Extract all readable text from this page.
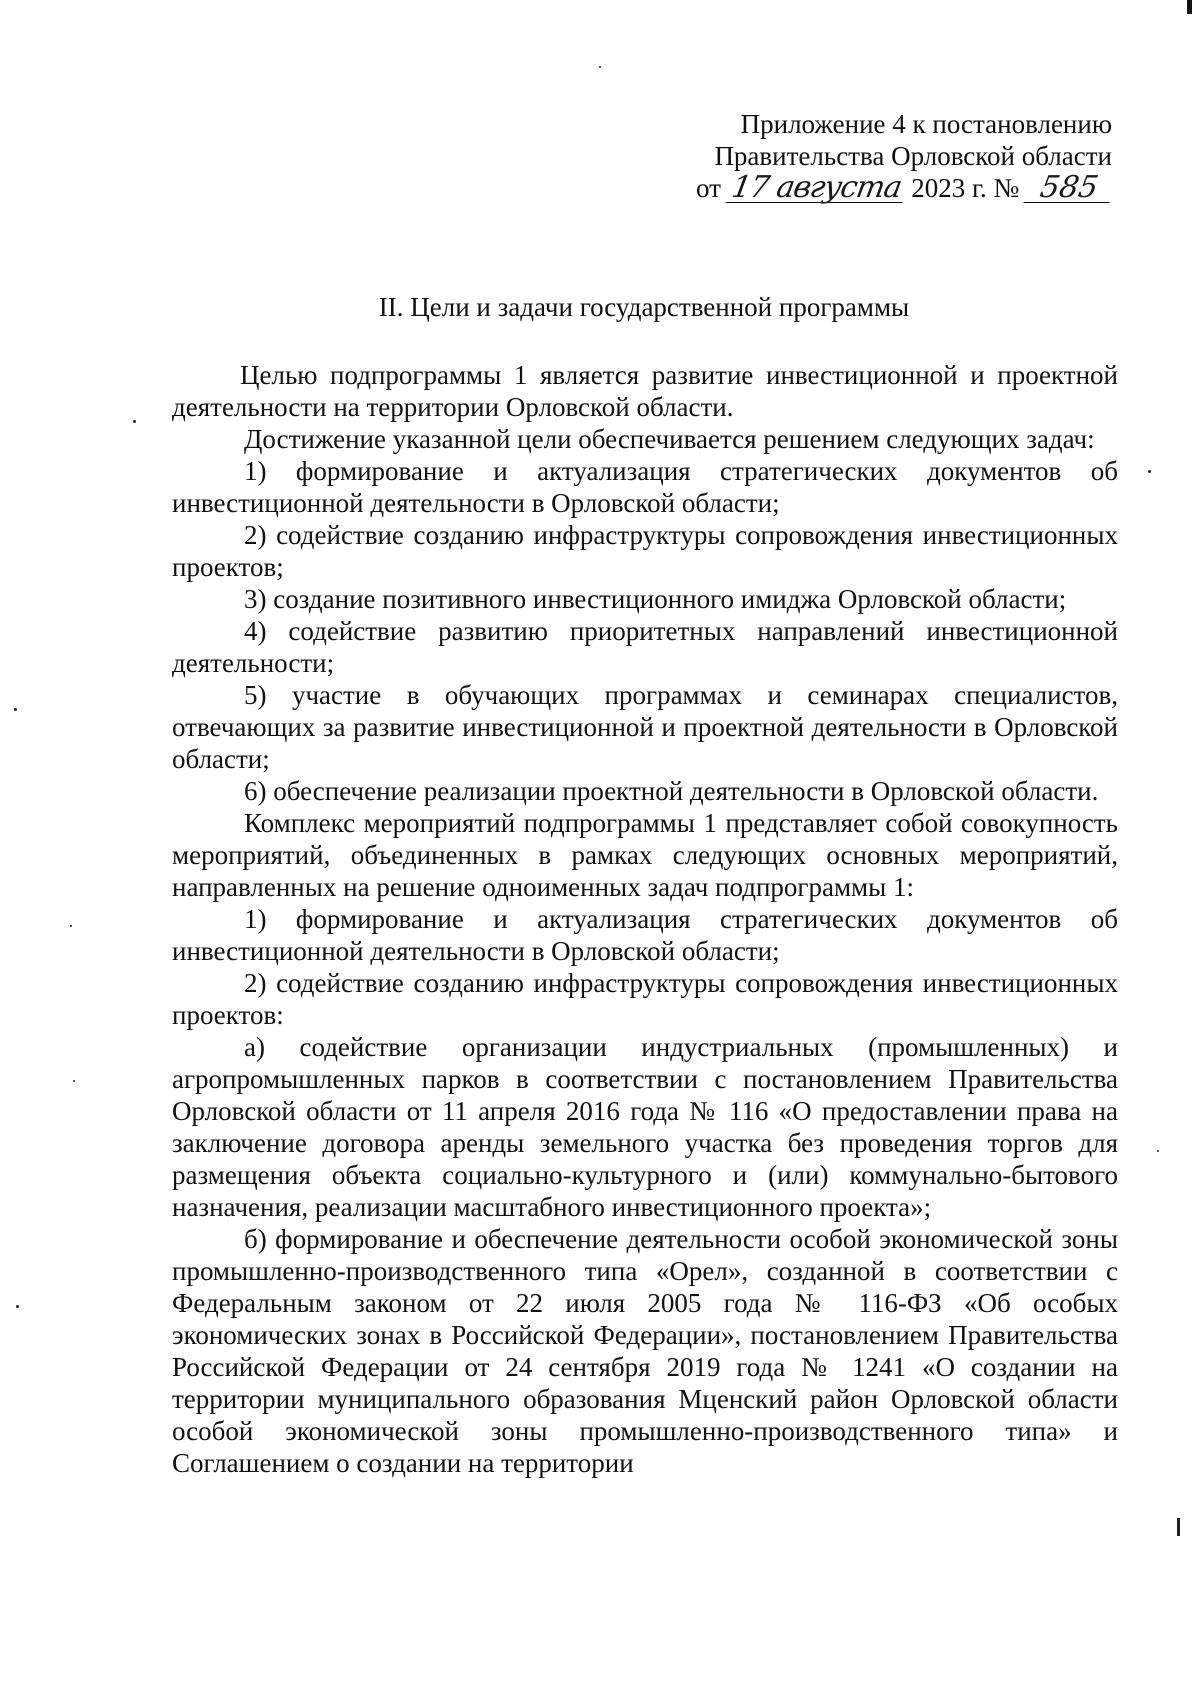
Приложение 4 к постановлению
Правительства Орловской области
от 17 августа 2023 г. № 585
II. Цели и задачи государственной программы

Целью подпрограммы 1 является развитие инвестиционной и проектной деятельности на территории Орловской области.

Достижение указанной цели обеспечивается решением следующих задач:

1) формирование и актуализация стратегических документов об инвестиционной деятельности в Орловской области;

2) содействие созданию инфраструктуры сопровождения инвестиционных проектов;

3) создание позитивного инвестиционного имиджа Орловской области;

4) содействие развитию приоритетных направлений инвестиционной деятельности;

5) участие в обучающих программах и семинарах специалистов, отвечающих за развитие инвестиционной и проектной деятельности в Орловской области;

6) обеспечение реализации проектной деятельности в Орловской области.

Комплекс мероприятий подпрограммы 1 представляет собой совокупность мероприятий, объединенных в рамках следующих основных мероприятий, направленных на решение одноименных задач подпрограммы 1:

1) формирование и актуализация стратегических документов об инвестиционной деятельности в Орловской области;

2) содействие созданию инфраструктуры сопровождения инвестиционных проектов:

а) содействие организации индустриальных (промышленных) и агропромышленных парков в соответствии с постановлением Правительства Орловской области от 11 апреля 2016 года № 116 «О предоставлении права на заключение договора аренды земельного участка без проведения торгов для размещения объекта социально-культурного и (или) коммунально-бытового назначения, реализации масштабного инвестиционного проекта»;

б) формирование и обеспечение деятельности особой экономической зоны промышленно-производственного типа «Орел», созданной в соответствии с Федеральным законом от 22 июля 2005 года № 116-ФЗ «Об особых экономических зонах в Российской Федерации», постановлением Правительства Российской Федерации от 24 сентября 2019 года № 1241 «О создании на территории муниципального образования Мценский район Орловской области особой экономической зоны промышленно-производственного типа» и Соглашением о создании на территории
